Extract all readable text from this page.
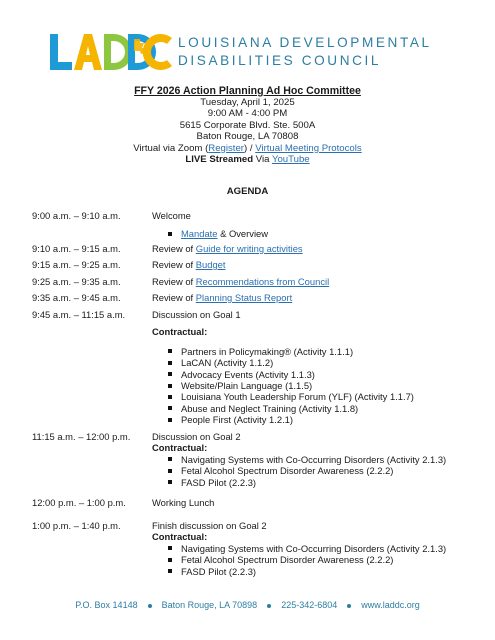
LOUISIANA DEVELOPMENTAL
DISABILITIES COUNCIL
FFY 2026 Action Planning Ad Hoc Committee
Tuesday, April 1, 2025
9:00 AM - 4:00 PM
5615 Corporate Blvd. Ste. 500A
Baton Rouge, LA 70808
Virtual via Zoom (Register) / Virtual Meeting Protocols
LIVE Streamed Via YouTube
AGENDA
9:00 a.m. – 9:10 a.m.	Welcome
Mandate & Overview
9:10 a.m. – 9:15 a.m.	Review of Guide for writing activities
9:15 a.m. – 9:25 a.m.	Review of Budget
9:25 a.m. – 9:35 a.m.	Review of Recommendations from Council
9:35 a.m. – 9:45 a.m.	Review of Planning Status Report
9:45 a.m. – 11:15 a.m.	Discussion on Goal 1
Contractual:
Partners in Policymaking® (Activity 1.1.1)
LaCAN (Activity 1.1.2)
Advocacy Events (Activity 1.1.3)
Website/Plain Language (1.1.5)
Louisiana Youth Leadership Forum (YLF) (Activity 1.1.7)
Abuse and Neglect Training (Activity 1.1.8)
People First (Activity 1.2.1)
11:15 a.m. – 12:00 p.m.	Discussion on Goal 2
Contractual:
Navigating Systems with Co-Occurring Disorders (Activity 2.1.3)
Fetal Alcohol Spectrum Disorder Awareness (2.2.2)
FASD Pilot (2.2.3)
12:00 p.m. – 1:00 p.m.	Working Lunch
1:00 p.m. – 1:40 p.m.	Finish discussion on Goal 2
Contractual:
Navigating Systems with Co-Occurring Disorders (Activity 2.1.3)
Fetal Alcohol Spectrum Disorder Awareness (2.2.2)
FASD Pilot (2.2.3)
P.O. Box 14148	Baton Rouge, LA 70898	225-342-6804	www.laddc.org
